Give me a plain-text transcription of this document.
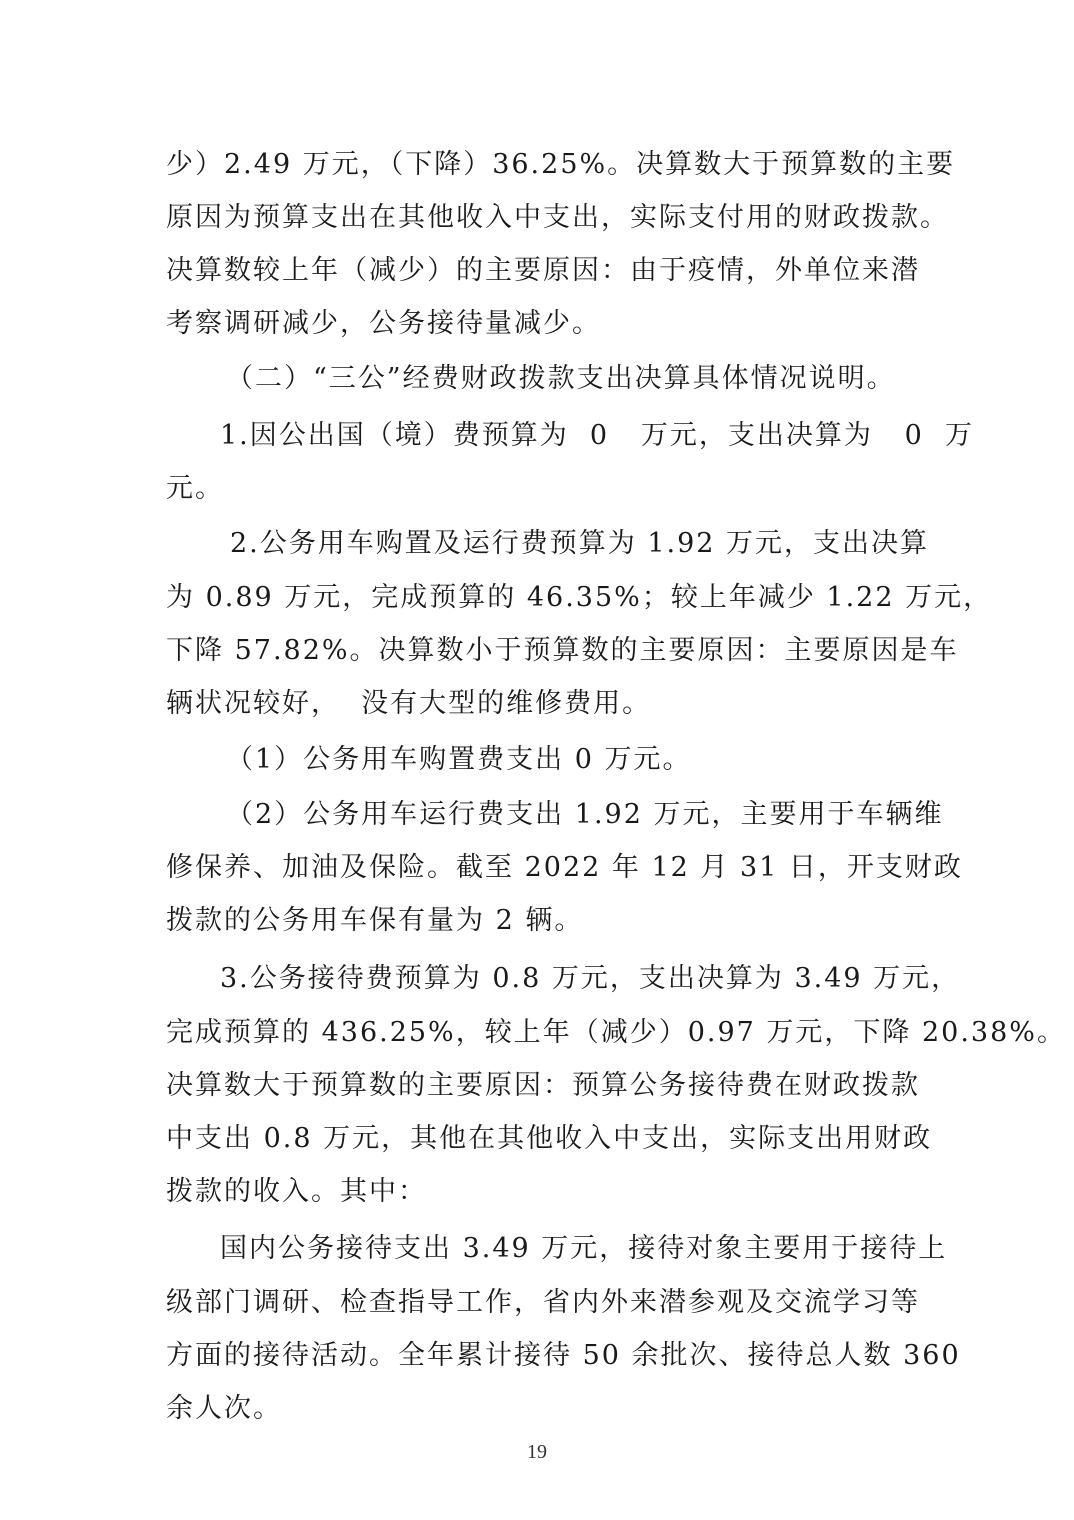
少）2.49 万元，（下降）36.25%。决算数大于预算数的主要
原因为预算支出在其他收入中支出，实际支付用的财政拨款。
决算数较上年（减少）的主要原因：由于疫情，外单位来潜
考察调研减少，公务接待量减少。
（二）“三公”经费财政拨款支出决算具体情况说明。
1.因公出国（境）费预算为  0   万元，支出决算为   0  万
元。
2.公务用车购置及运行费预算为 1.92 万元，支出决算
为 0.89 万元，完成预算的 46.35%；较上年减少 1.22 万元，
下降 57.82%。决算数小于预算数的主要原因：主要原因是车
辆状况较好，  没有大型的维修费用。
（1）公务用车购置费支出 0 万元。
（2）公务用车运行费支出 1.92 万元，主要用于车辆维
修保养、加油及保险。截至 2022 年 12 月 31 日，开支财政
拨款的公务用车保有量为 2 辆。
3.公务接待费预算为 0.8 万元，支出决算为 3.49 万元，
完成预算的 436.25%，较上年（减少）0.97 万元，下降 20.38%。
决算数大于预算数的主要原因：预算公务接待费在财政拨款
中支出 0.8 万元，其他在其他收入中支出，实际支出用财政
拨款的收入。其中：
国内公务接待支出 3.49 万元，接待对象主要用于接待上
级部门调研、检查指导工作，省内外来潜参观及交流学习等
方面的接待活动。全年累计接待 50 余批次、接待总人数 360
余人次。
19
